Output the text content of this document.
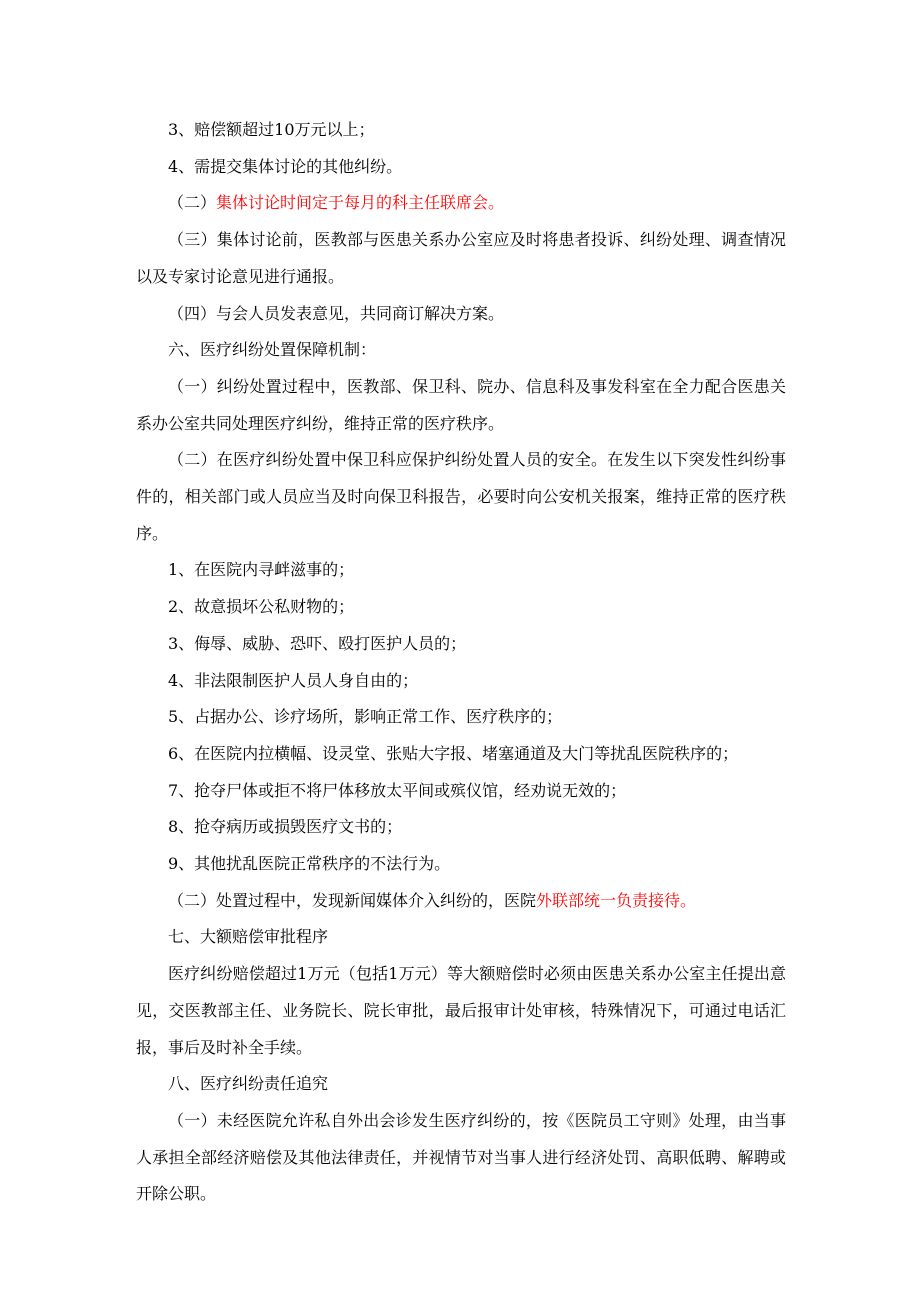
3、赔偿额超过10万元以上；

4、需提交集体讨论的其他纠纷。

（二）集体讨论时间定于每月的科主任联席会。

（三）集体讨论前，医教部与医患关系办公室应及时将患者投诉、纠纷处理、调查情况以及专家讨论意见进行通报。

（四）与会人员发表意见，共同商订解决方案。

六、医疗纠纷处置保障机制：

（一）纠纷处置过程中，医教部、保卫科、院办、信息科及事发科室在全力配合医患关系办公室共同处理医疗纠纷，维持正常的医疗秩序。

（二）在医疗纠纷处置中保卫科应保护纠纷处置人员的安全。在发生以下突发性纠纷事件的，相关部门或人员应当及时向保卫科报告，必要时向公安机关报案，维持正常的医疗秩序。

1、在医院内寻衅滋事的；

2、故意损坏公私财物的；

3、侮辱、威胁、恐吓、殴打医护人员的；

4、非法限制医护人员人身自由的；

5、占据办公、诊疗场所，影响正常工作、医疗秩序的；

6、在医院内拉横幅、设灵堂、张贴大字报、堵塞通道及大门等扰乱医院秩序的；

7、抢夺尸体或拒不将尸体移放太平间或殡仪馆，经劝说无效的；

8、抢夺病历或损毁医疗文书的；

9、其他扰乱医院正常秩序的不法行为。

（二）处置过程中，发现新闻媒体介入纠纷的，医院外联部统一负责接待。

七、大额赔偿审批程序

医疗纠纷赔偿超过1万元（包括1万元）等大额赔偿时必须由医患关系办公室主任提出意见，交医教部主任、业务院长、院长审批，最后报审计处审核，特殊情况下，可通过电话汇报，事后及时补全手续。

八、医疗纠纷责任追究

（一）未经医院允许私自外出会诊发生医疗纠纷的，按《医院员工守则》处理，由当事人承担全部经济赔偿及其他法律责任，并视情节对当事人进行经济处罚、高职低聘、解聘或开除公职。
